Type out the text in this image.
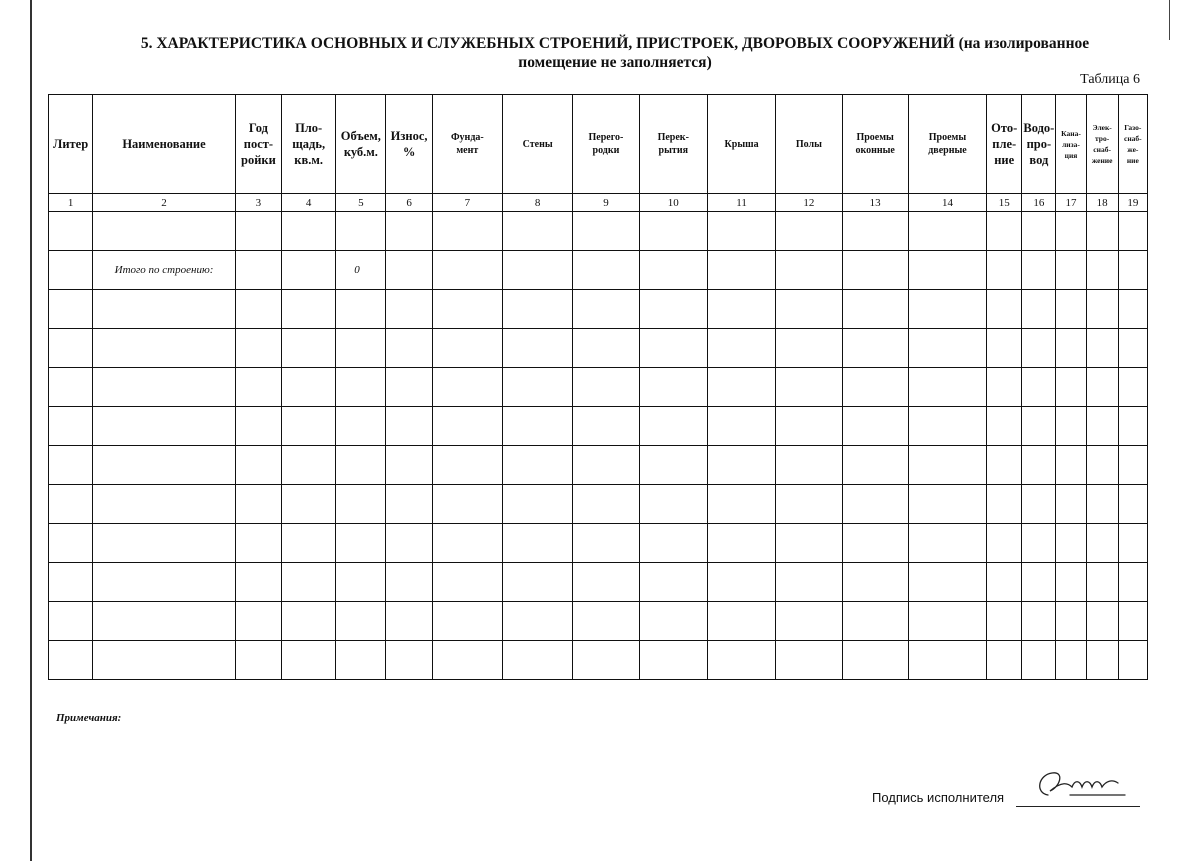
5. ХАРАКТЕРИСТИКА ОСНОВНЫХ И СЛУЖЕБНЫХ СТРОЕНИЙ, ПРИСТРОЕК, ДВОРОВЫХ СООРУЖЕНИЙ (на изолированное
помещение не заполняется)
Таблица 6
Литер	Наименование	Год
пост-
ройки	Пло-
щадь,
кв.м.	Объем,
куб.м.	Износ,
%	Фунда-
мент	Стены	Перего-
родки	Перек-
рытия	Крыша	Полы	Проемы
оконные	Проемы
дверные	Ото-
пле-
ние	Водо-
про-
вод	Кана-
лиза-
ция	Элек-
тро-
снаб-
жение	Газо-
снаб-
же-
ние
1	2	3	4	5	6	7	8	9	10	11	12	13	14	15	16	17	18	19

	Итого по строению:			0														

Примечания:
Подпись исполнителя
